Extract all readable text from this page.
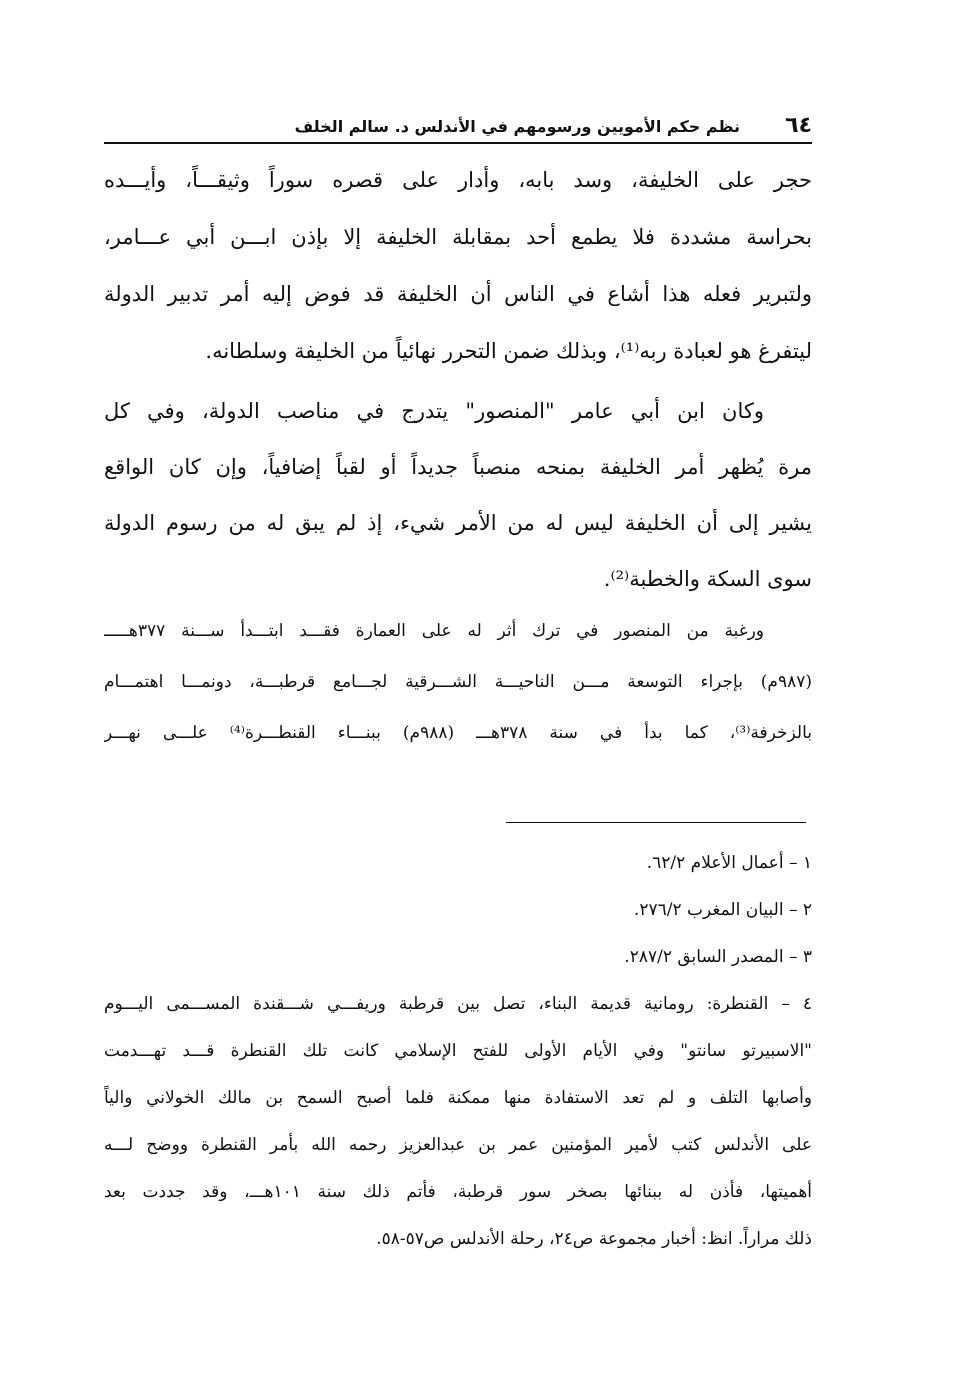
٦٤
نظم حكم الأمويين ورسومهم في الأندلس د. سالم الخلف
حجر على الخليفة، وسد بابه، وأدار على قصره سوراً وثيقـــاً، وأيـــده
بحراسة مشددة فلا يطمع أحد بمقابلة الخليفة إلا بإذن ابـــن أبي عـــامر،
ولتبرير فعله هذا أشاع في الناس أن الخليفة قد فوض إليه أمر تدبير الدولة
ليتفرغ هو لعبادة ربه⁽¹⁾، وبذلك ضمن التحرر نهائياً من الخليفة وسلطانه.
وكان ابن أبي عامر "المنصور" يتدرج في مناصب الدولة، وفي كل
مرة يُظهر أمر الخليفة بمنحه منصباً جديداً أو لقباً إضافياً، وإن كان الواقع
يشير إلى أن الخليفة ليس له من الأمر شيء، إذ لم يبق له من رسوم الدولة
سوى السكة والخطبة⁽²⁾.
ورغبة من المنصور في ترك أثر له على العمارة فقـــد ابتـــدأ ســـنة ٣٧٧هـــــ
(٩٨٧م) بإجراء التوسعة مـــن الناحيـــة الشـــرقية لجـــامع قرطبـــة، دونمـــا اهتمـــام
بالزخرفة⁽³⁾، كما بدأ في سنة ٣٧٨هـــ (٩٨٨م) ببنـــاء القنطـــرة⁽⁴⁾ علـــى نهـــر
١ – أعمال الأعلام ٦٢/٢.
٢ – البيان المغرب ٢٧٦/٢.
٣ – المصدر السابق ٢٨٧/٢.
٤ – القنطرة: رومانية قديمة البناء، تصل بين قرطبة وريفـــي شـــقندة المســـمى اليـــوم
"الاسبيرتو سانتو" وفي الأيام الأولى للفتح الإسلامي كانت تلك القنطرة قـــد تهـــدمت
وأصابها التلف و لم تعد الاستفادة منها ممكنة فلما أصبح السمح بن مالك الخولاني والياً
على الأندلس كتب لأمير المؤمنين عمر بن عبدالعزيز رحمه الله بأمر القنطرة ووضح لـــه
أهميتها، فأذن له ببنائها بصخر سور قرطبة، فأتم ذلك سنة ١٠١هـــ، وقد جددت بعد
ذلك مراراً. انظ: أخبار مجموعة ص٢٤، رحلة الأندلس ص٥٧-٥٨.
